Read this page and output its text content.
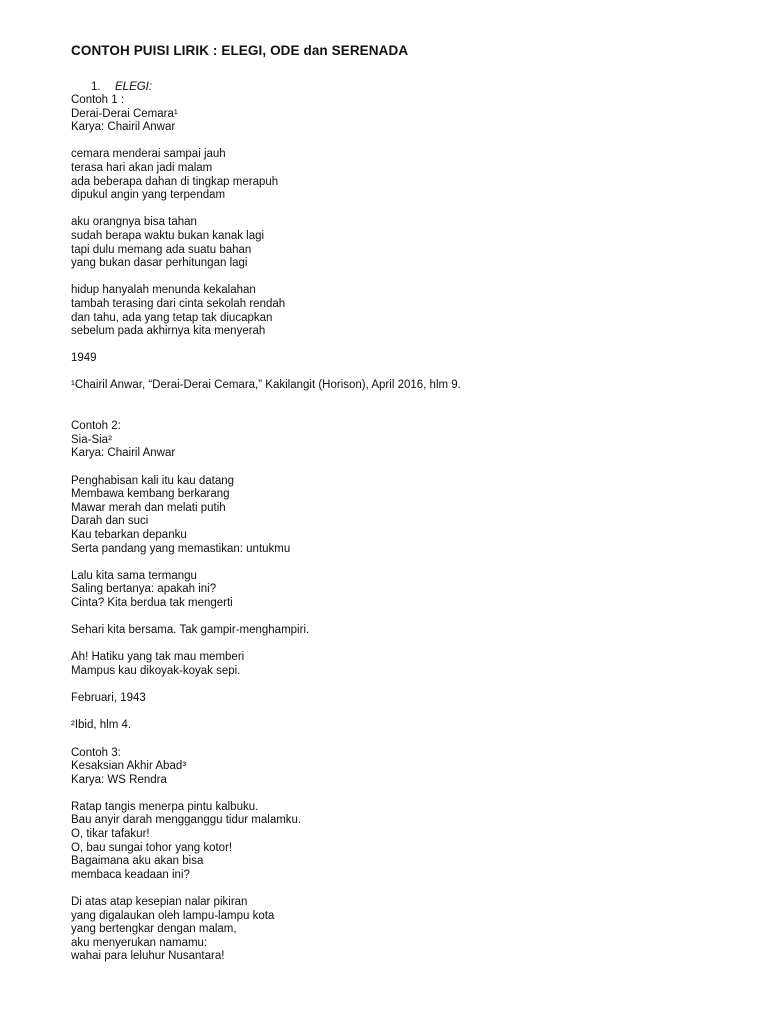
CONTOH PUISI LIRIK : ELEGI, ODE dan SERENADA
1. ELEGI:
Contoh 1 :
Derai-Derai Cemara¹
Karya: Chairil Anwar
cemara menderai sampai jauh
terasa hari akan jadi malam
ada beberapa dahan di tingkap merapuh
dipukul angin yang terpendam
aku orangnya bisa tahan
sudah berapa waktu bukan kanak lagi
tapi dulu memang ada suatu bahan
yang bukan dasar perhitungan lagi
hidup hanyalah menunda kekalahan
tambah terasing dari cinta sekolah rendah
dan tahu, ada yang tetap tak diucapkan
sebelum pada akhirnya kita menyerah
1949
¹Chairil Anwar, “Derai-Derai Cemara,” Kakilangit (Horison), April 2016, hlm 9.
Contoh 2:
Sia-Sia²
Karya: Chairil Anwar
Penghabisan kali itu kau datang
Membawa kembang berkarang
Mawar merah dan melati putih
Darah dan suci
Kau tebarkan depanku
Serta pandang yang memastikan: untukmu
Lalu kita sama termangu
Saling bertanya: apakah ini?
Cinta? Kita berdua tak mengerti
Sehari kita bersama. Tak gampir-menghampiri.
Ah! Hatiku yang tak mau memberi
Mampus kau dikoyak-koyak sepi.
Februari, 1943
²Ibid, hlm 4.
Contoh 3:
Kesaksian Akhir Abad³
Karya: WS Rendra
Ratap tangis menerpa pintu kalbuku.
Bau anyir darah mengganggu tidur malamku.
O, tikar tafakur!
O, bau sungai tohor yang kotor!
Bagaimana aku akan bisa
membaca keadaan ini?
Di atas atap kesepian nalar pikiran
yang digalaukan oleh lampu-lampu kota
yang bertengkar dengan malam,
aku menyerukan namamu:
wahai para leluhur Nusantara!
